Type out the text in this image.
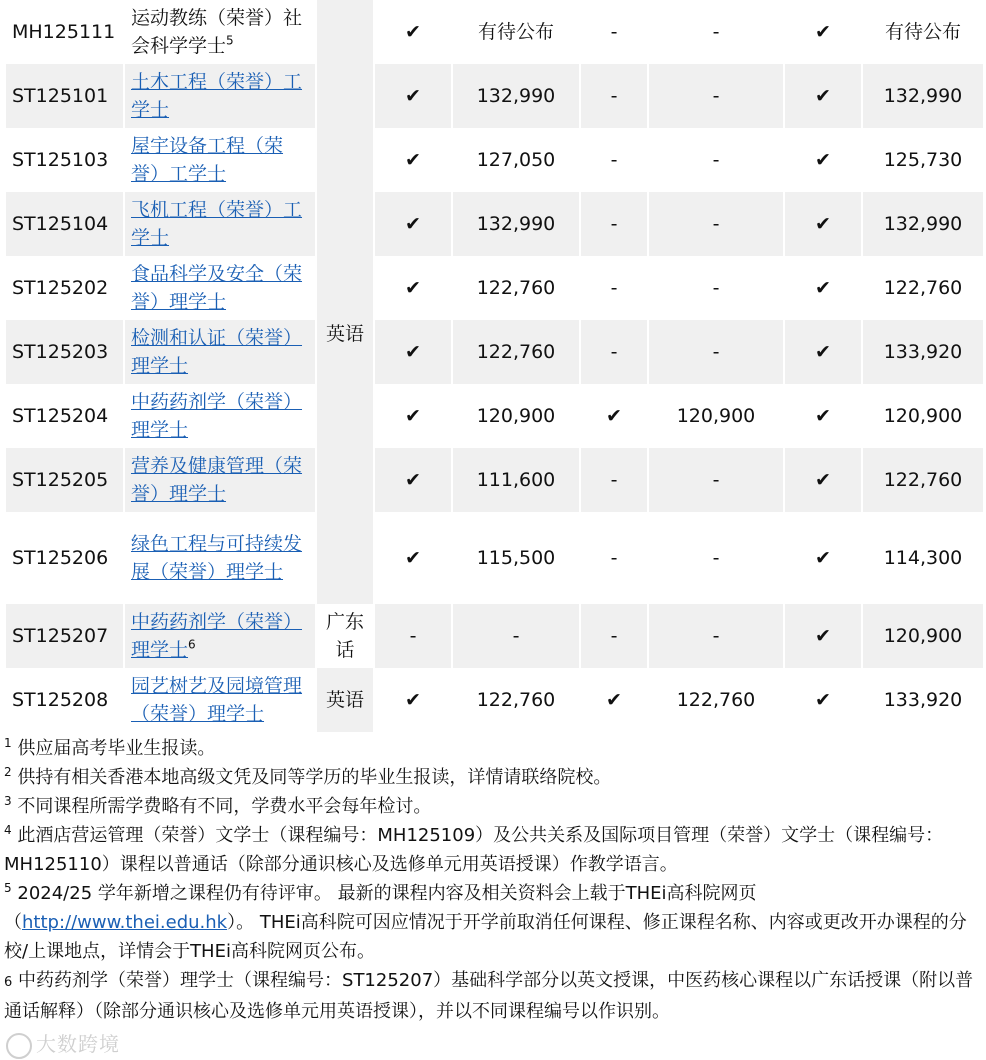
MH125111	运动教练（荣誉）社会科学学士$^5$		✔	有待公布	-	-	✔	有待公布
ST125101	土木工程（荣誉）工学士	英语	✔	132,990	-	-	✔	132,990
ST125103	屋宇设备工程（荣誉）工学士		✔	127,050	-	-	✔	125,730
ST125104	飞机工程（荣誉）工学士		✔	132,990	-	-	✔	132,990
ST125202	食品科学及安全（荣誉）理学士		✔	122,760	-	-	✔	122,760
ST125203	检测和认证（荣誉）理学士		✔	122,760	-	-	✔	133,920
ST125204	中药药剂学（荣誉）理学士		✔	120,900	✔	120,900	✔	120,900
ST125205	营养及健康管理（荣誉）理学士		✔	111,600	-	-	✔	122,760
ST125206	绿色工程与可持续发展（荣誉）理学士		✔	115,500	-	-	✔	114,300
ST125207	中药药剂学（荣誉）理学士$^6$	广东话	-	-	-	-	✔	120,900
ST125208	园艺树艺及园境管理（荣誉）理学士	英语	✔	122,760	✔	122,760	✔	133,920

$^1$ 供应届高考毕业生报读。

$^2$ 供持有相关香港本地高级文凭及同等学历的毕业生报读，详情请联络院校。

$^3$ 不同课程所需学费略有不同，学费水平会每年检讨。

$^4$ 此酒店营运管理（荣誉）文学士（课程编号：MH125109）及公共关系及国际项目管理（荣誉）文学士（课程编号：MH125110）课程以普通话（除部分通识核心及选修单元用英语授课）作教学语言。

$^5$ 2024/25 学年新增之课程仍有待评审。 最新的课程内容及相关资料会上载于THEi高科院网页（http://www.thei.edu.hk）。 THEi高科院可因应情况于开学前取消任何课程、修正课程名称、内容或更改开办课程的分校/上课地点，详情会于THEi高科院网页公布。

6 中药药剂学（荣誉）理学士（课程编号：ST125207）基础科学部分以英文授课，中医药核心课程以广东话授课（附以普通话解释）（除部分通识核心及选修单元用英语授课），并以不同课程编号以作识别。

大数跨境
